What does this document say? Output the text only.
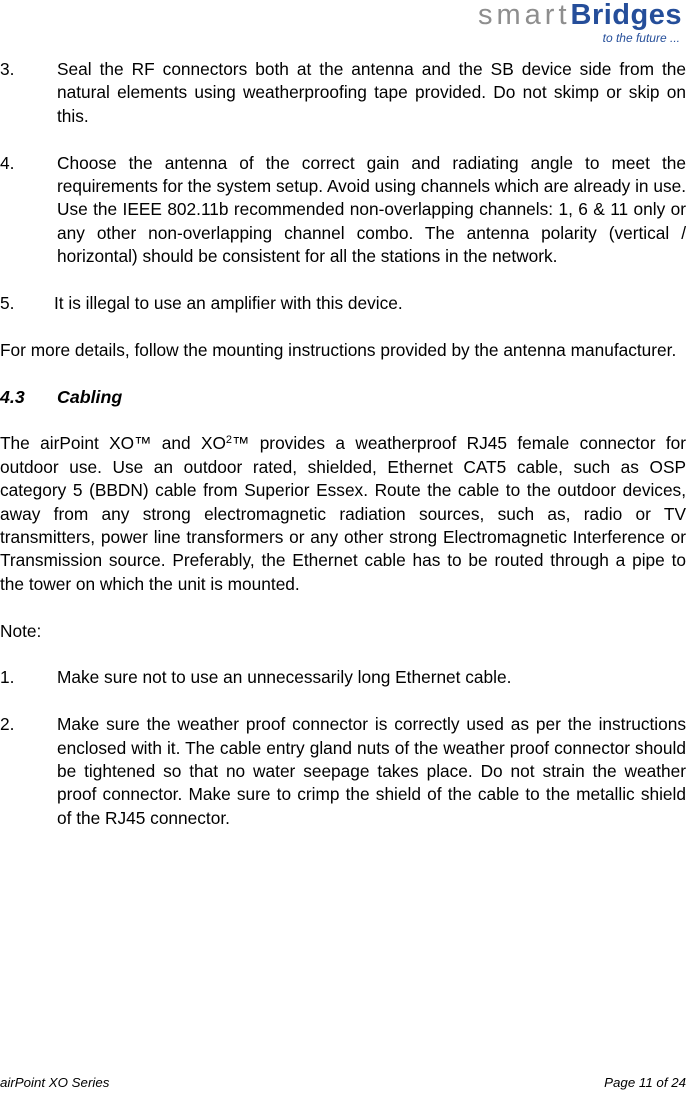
smartBridges
to the future ...
3.	Seal the RF connectors both at the antenna and the SB device side from the natural elements using weatherproofing tape provided. Do not skimp or skip on this.
4.	Choose the antenna of the correct gain and radiating angle to meet the requirements for the system setup. Avoid using channels which are already in use. Use the IEEE 802.11b recommended non-overlapping channels: 1, 6 & 11 only or any other non-overlapping channel combo. The antenna polarity (vertical / horizontal) should be consistent for all the stations in the network.
5.	It is illegal to use an amplifier with this device.

For more details, follow the mounting instructions provided by the antenna manufacturer.

4.3	Cabling

The airPoint XO™ and $XO^2™$ provides a weatherproof RJ45 female connector for outdoor use. Use an outdoor rated, shielded, Ethernet CAT5 cable, such as OSP category 5 (BBDN) cable from Superior Essex. Route the cable to the outdoor devices, away from any strong electromagnetic radiation sources, such as, radio or TV transmitters, power line transformers or any other strong Electromagnetic Interference or Transmission source. Preferably, the Ethernet cable has to be routed through a pipe to the tower on which the unit is mounted.

Note:

1.	Make sure not to use an unnecessarily long Ethernet cable.
2.	Make sure the weather proof connector is correctly used as per the instructions enclosed with it. The cable entry gland nuts of the weather proof connector should be tightened so that no water seepage takes place. Do not strain the weather proof connector. Make sure to crimp the shield of the cable to the metallic shield of the RJ45 connector.
airPoint XO Series	Page 11 of 24
